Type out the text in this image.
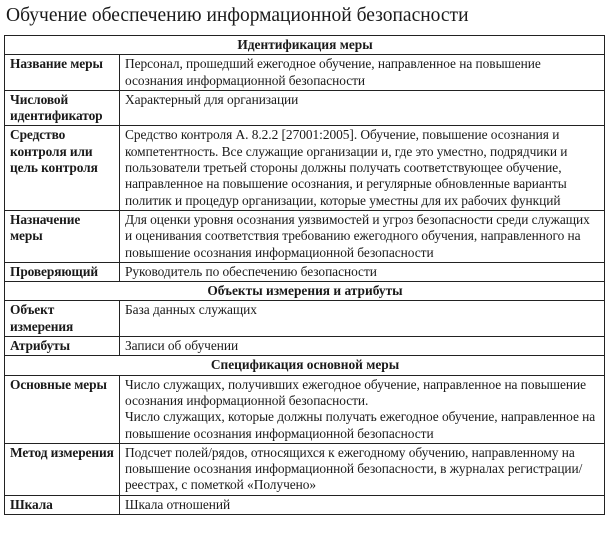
Обучение обеспечению информационной безопасности
Идентификация меры	
Название меры	Персонал, прошедший ежегодное обучение, направленное на повышение осознания информационной безопасности
Числовой идентификатор	Характерный для организации
Средство контроля или цель контроля	Средство контроля A. 8.2.2 [27001:2005]. Обучение, повышение осознания и компетентность. Все служащие организации и, где это уместно, подрядчики и пользователи третьей стороны должны получать соответствующее обучение, направленное на повышение осознания, и регулярные обновленные варианты политик и процедур организации, которые уместны для их рабочих функций
Назначение меры	Для оценки уровня осознания уязвимостей и угроз безопасности среди служащих и оценивания соответствия требованию ежегодного обучения, направленного на повышение осознания информационной безопасности
Проверяющий	Руководитель по обеспечению безопасности
Объекты измерения и атрибуты	
Объект измерения	База данных служащих
Атрибуты	Записи об обучении
Спецификация основной меры	
Основные меры	Число служащих, получивших ежегодное обучение, направленное на повышение осознания информационной безопасности.
Число служащих, которые должны получать ежегодное обучение, направленное на повышение осознания информационной безопасности

Метод измерения	Подсчет полей/рядов, относящихся к ежегодному обучению, направленному на повышение осознания информационной безопасности, в журналах регистрации/реестрах, с пометкой «Получено»
Шкала	Шкала отношений
